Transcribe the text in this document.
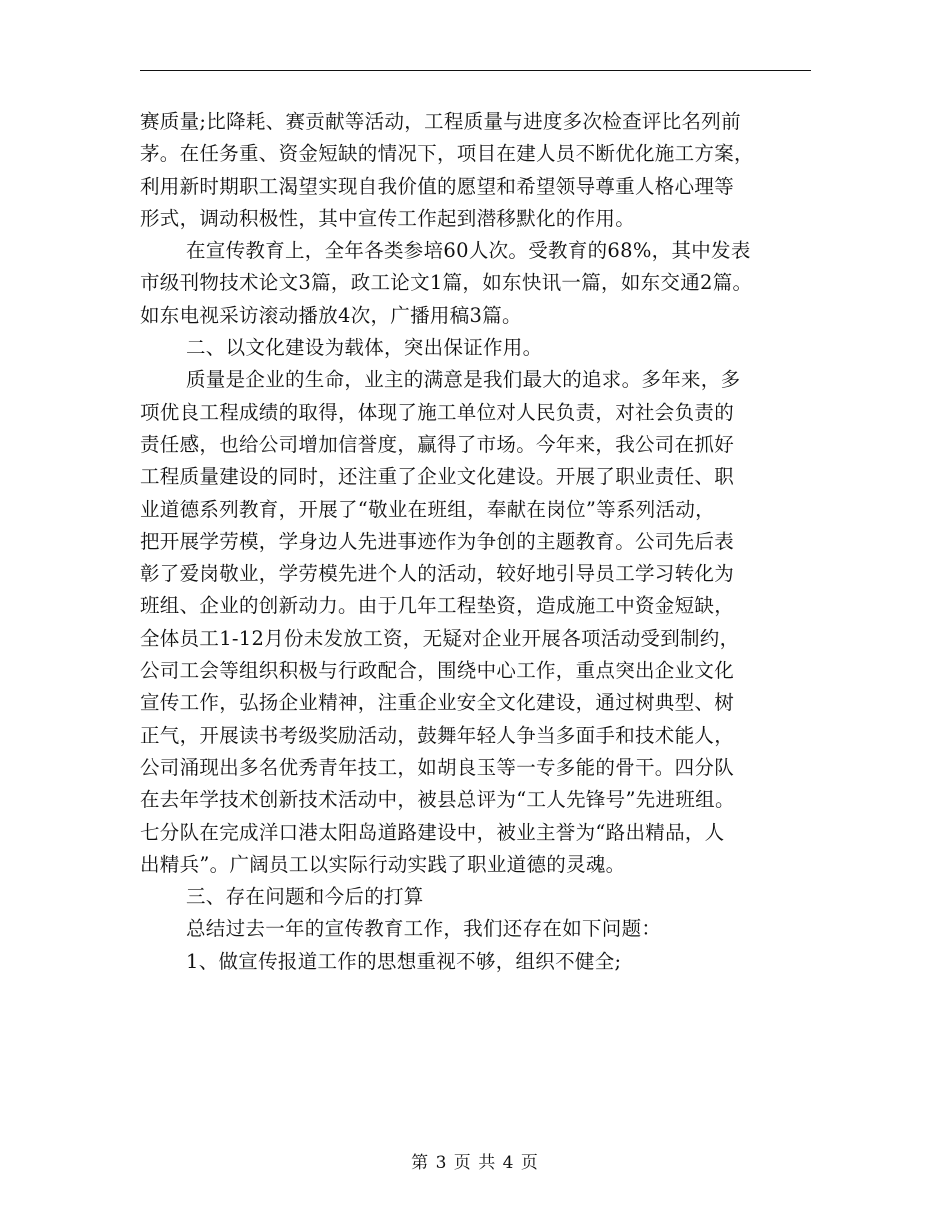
赛质量;比降耗、赛贡献等活动，工程质量与进度多次检查评比名列前
茅。在任务重、资金短缺的情况下，项目在建人员不断优化施工方案，
利用新时期职工渴望实现自我价值的愿望和希望领导尊重人格心理等
形式，调动积极性，其中宣传工作起到潜移默化的作用。
在宣传教育上，全年各类参培60人次。受教育的68%，其中发表
市级刊物技术论文3篇，政工论文1篇，如东快讯一篇，如东交通2篇。
如东电视采访滚动播放4次，广播用稿3篇。
二、以文化建设为载体，突出保证作用。
质量是企业的生命，业主的满意是我们最大的追求。多年来，多
项优良工程成绩的取得，体现了施工单位对人民负责，对社会负责的
责任感，也给公司增加信誉度，赢得了市场。今年来，我公司在抓好
工程质量建设的同时，还注重了企业文化建设。开展了职业责任、职
业道德系列教育，开展了“敬业在班组，奉献在岗位”等系列活动，
把开展学劳模，学身边人先进事迹作为争创的主题教育。公司先后表
彰了爱岗敬业，学劳模先进个人的活动，较好地引导员工学习转化为
班组、企业的创新动力。由于几年工程垫资，造成施工中资金短缺，
全体员工1-12月份未发放工资，无疑对企业开展各项活动受到制约，
公司工会等组织积极与行政配合，围绕中心工作，重点突出企业文化
宣传工作，弘扬企业精神，注重企业安全文化建设，通过树典型、树
正气，开展读书考级奖励活动，鼓舞年轻人争当多面手和技术能人，
公司涌现出多名优秀青年技工，如胡良玉等一专多能的骨干。四分队
在去年学技术创新技术活动中，被县总评为“工人先锋号”先进班组。
七分队在完成洋口港太阳岛道路建设中，被业主誉为“路出精品，人
出精兵”。广阔员工以实际行动实践了职业道德的灵魂。
三、存在问题和今后的打算
总结过去一年的宣传教育工作，我们还存在如下问题：
1、做宣传报道工作的思想重视不够，组织不健全;
第 3 页 共 4 页
